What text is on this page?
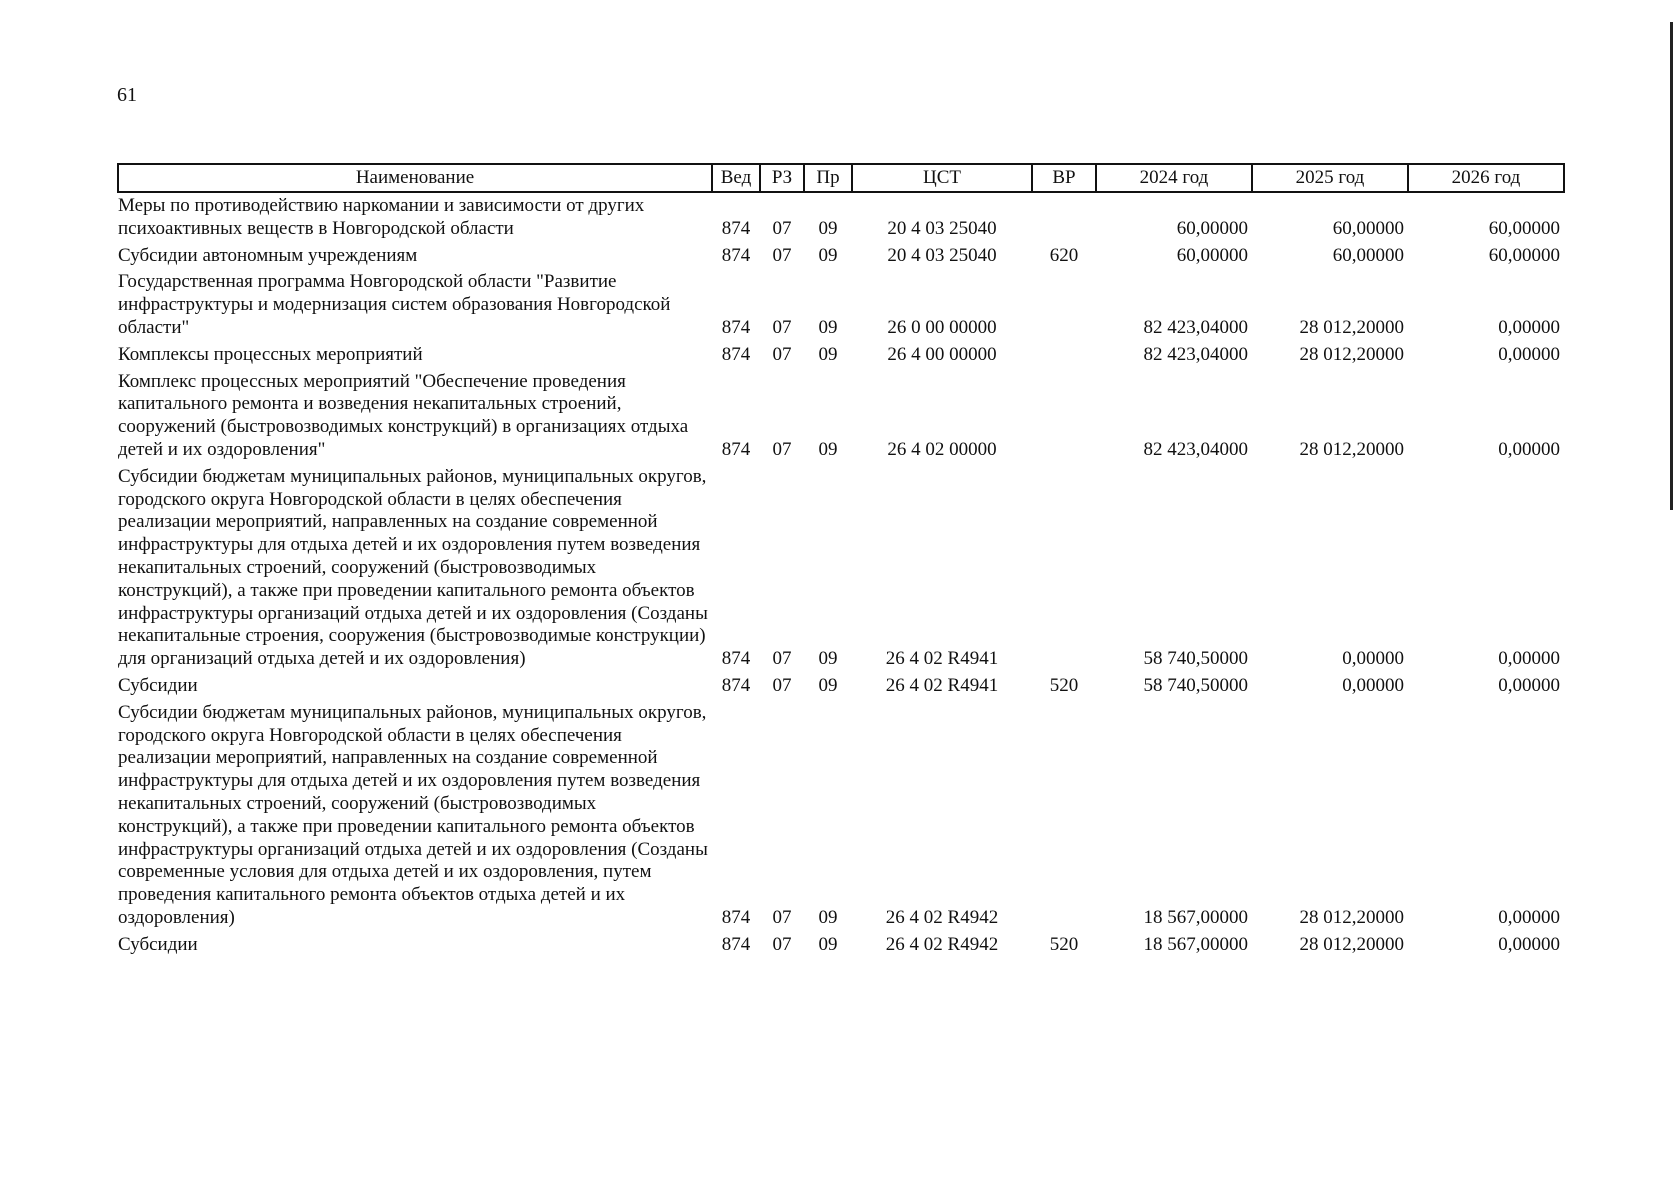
61
Наименование	Вед	РЗ	Пр	ЦСТ	ВР	2024 год	2025 год	2026 год
Меры по противодействию наркомании и зависимости от других психоактивных веществ в Новгородской области	874	07	09	20 4 03 25040		60,00000	60,00000	60,00000
Субсидии автономным учреждениям	874	07	09	20 4 03 25040	620	60,00000	60,00000	60,00000
Государственная программа Новгородской области "Развитие инфраструктуры и модернизация систем образования Новгородской области"	874	07	09	26 0 00 00000		82 423,04000	28 012,20000	0,00000
Комплексы процессных мероприятий	874	07	09	26 4 00 00000		82 423,04000	28 012,20000	0,00000
Комплекс процессных мероприятий "Обеспечение проведения капитального ремонта и возведения некапитальных строений, сооружений (быстровозводимых конструкций) в организациях отдыха детей и их оздоровления"	874	07	09	26 4 02 00000		82 423,04000	28 012,20000	0,00000
Субсидии бюджетам муниципальных районов, муниципальных округов, городского округа Новгородской области в целях обеспечения реализации мероприятий, направленных на создание современной инфраструктуры для отдыха детей и их оздоровления путем возведения некапитальных строений, сооружений (быстровозводимых конструкций), а также при проведении капитального ремонта объектов инфраструктуры организаций отдыха детей и их оздоровления (Созданы некапитальные строения, сооружения (быстровозводимые конструкции) для организаций отдыха детей и их оздоровления)	874	07	09	26 4 02 R4941		58 740,50000	0,00000	0,00000
Субсидии	874	07	09	26 4 02 R4941	520	58 740,50000	0,00000	0,00000
Субсидии бюджетам муниципальных районов, муниципальных округов, городского округа Новгородской области в целях обеспечения реализации мероприятий, направленных на создание современной инфраструктуры для отдыха детей и их оздоровления путем возведения некапитальных строений, сооружений (быстровозводимых конструкций), а также при проведении капитального ремонта объектов инфраструктуры организаций отдыха детей и их оздоровления (Созданы современные условия для отдыха детей и их оздоровления, путем проведения капитального ремонта объектов отдыха детей и их оздоровления)	874	07	09	26 4 02 R4942		18 567,00000	28 012,20000	0,00000
Субсидии	874	07	09	26 4 02 R4942	520	18 567,00000	28 012,20000	0,00000
